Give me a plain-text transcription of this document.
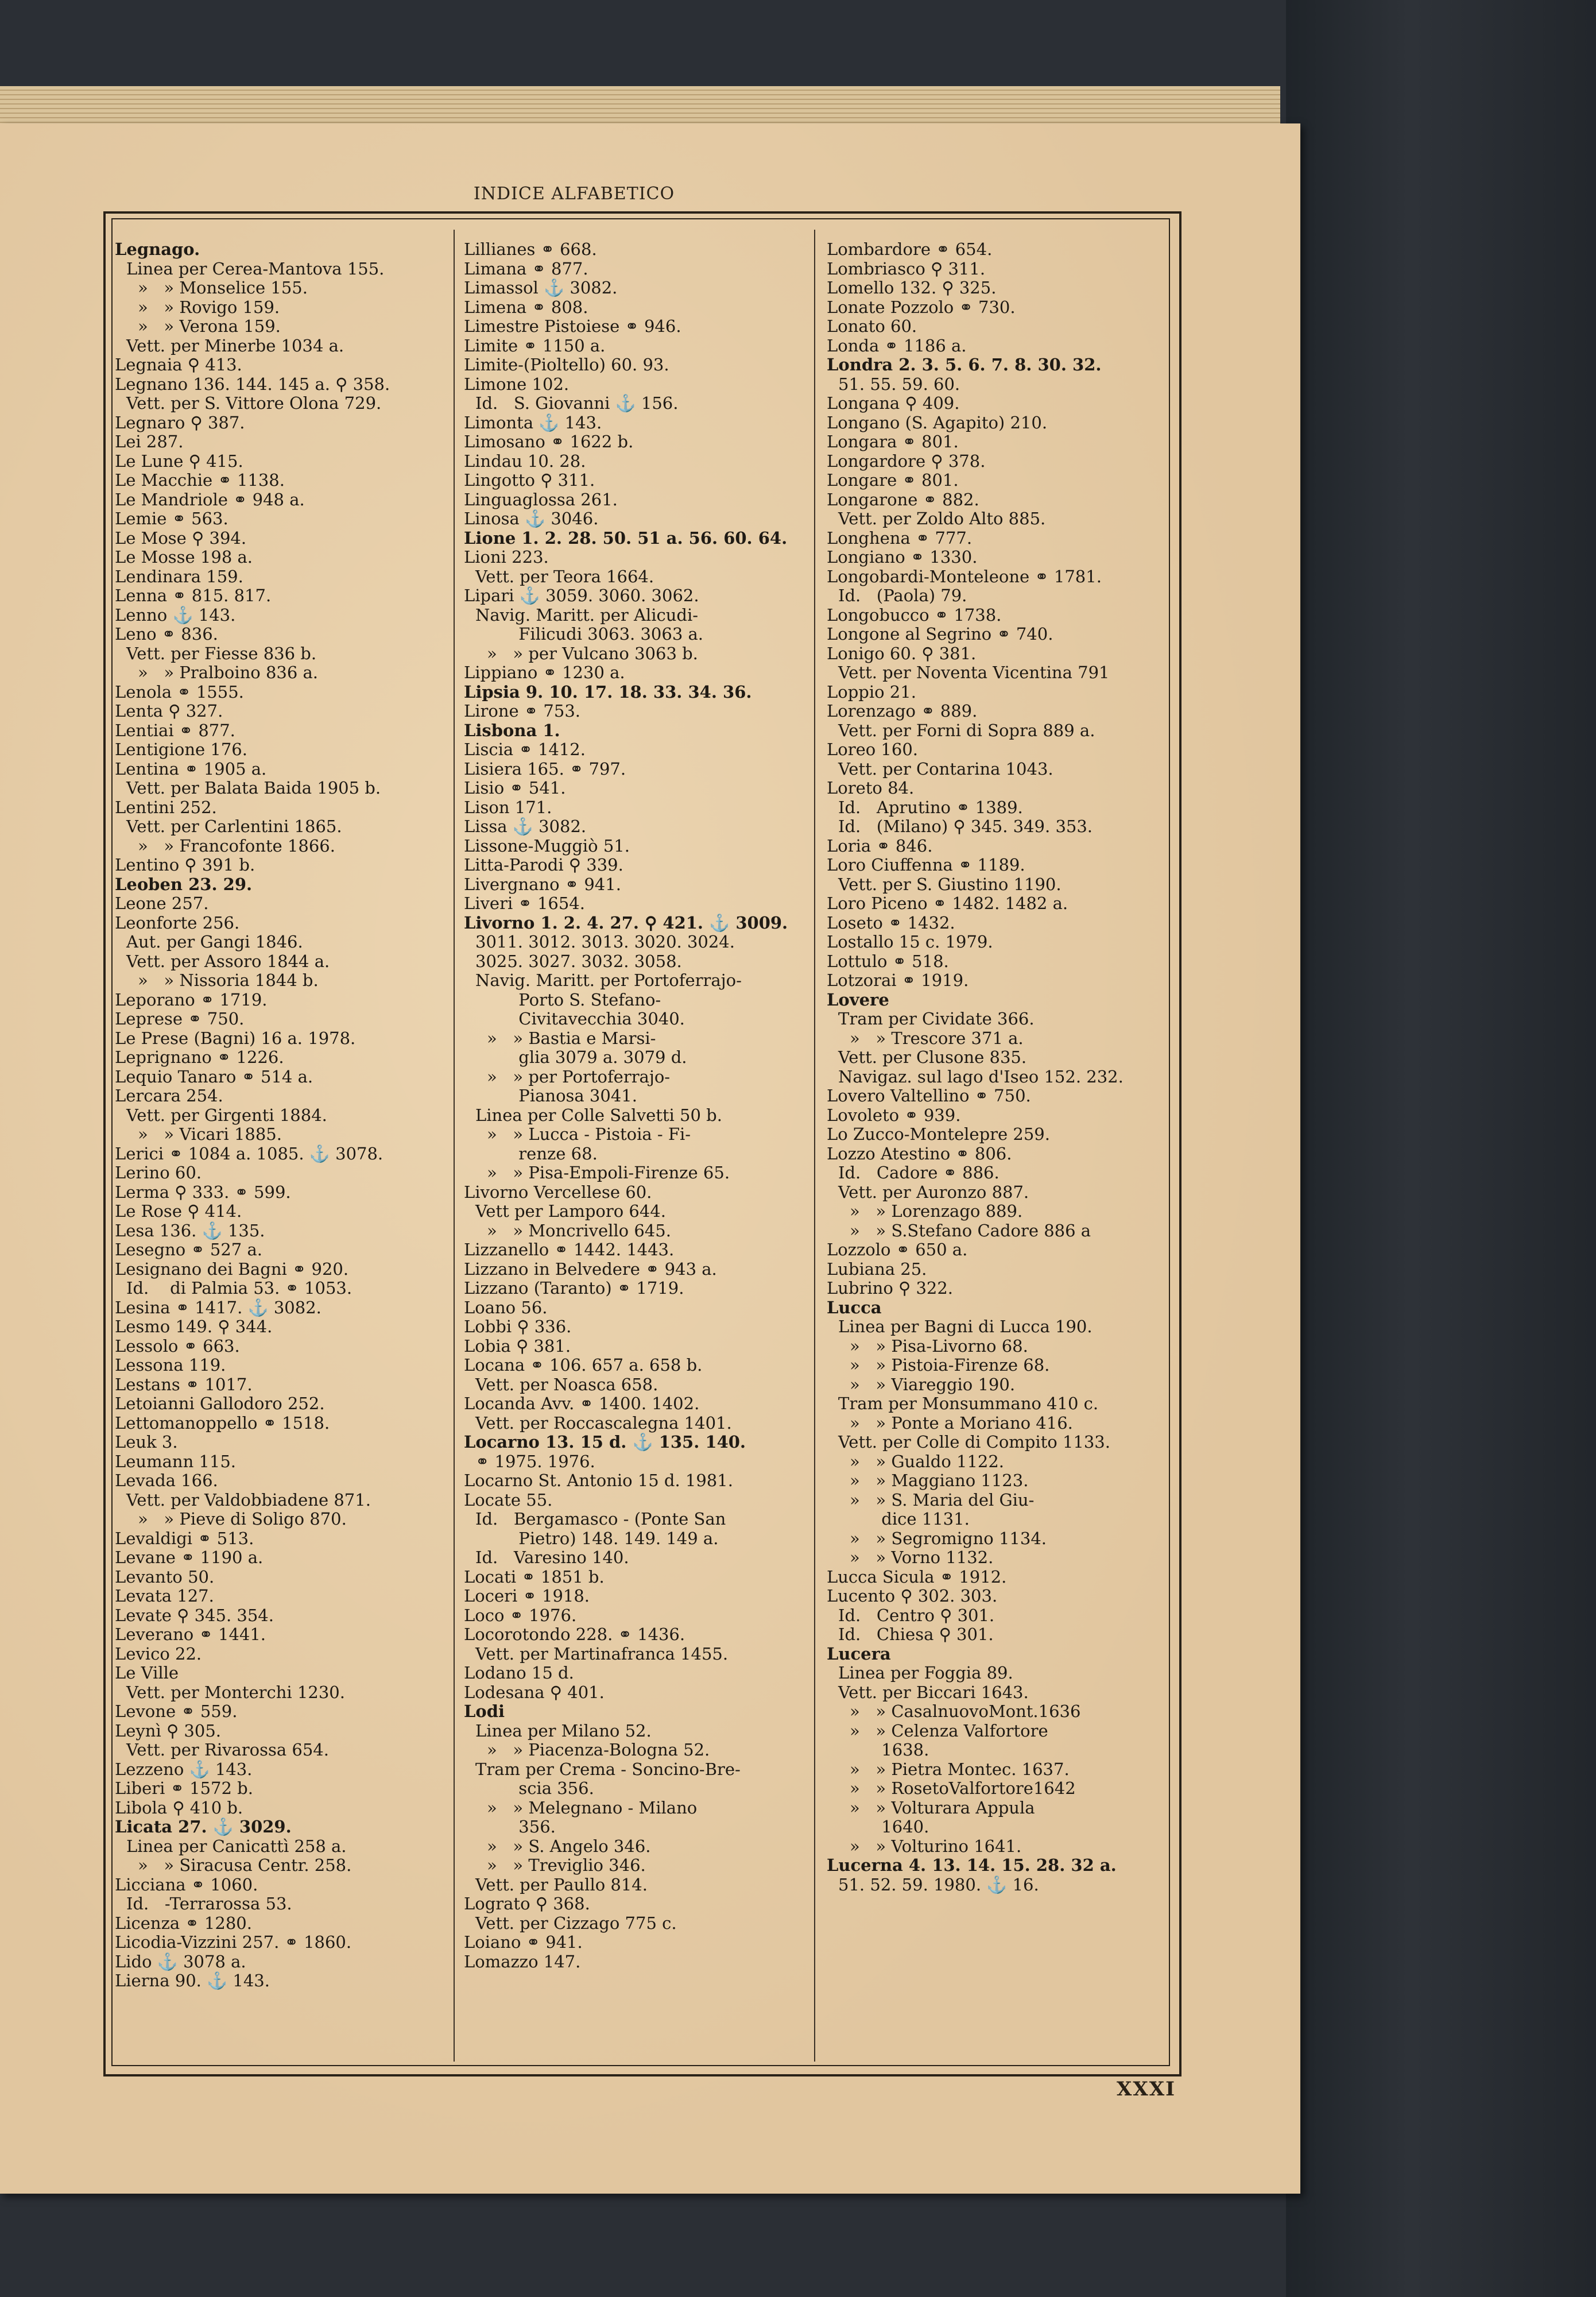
INDICE ALFABETICO
Legnago.
Linea per Cerea-Mantova 155.
»   » Monselice 155.
»   » Rovigo 159.
»   » Verona 159.
Vett. per Minerbe 1034 a.
Legnaia ⚲ 413.
Legnano 136. 144. 145 a. ⚲ 358.
Vett. per S. Vittore Olona 729.
Legnaro ⚲ 387.
Lei 287.
Le Lune ⚲ 415.
Le Macchie ⚭ 1138.
Le Mandriole ⚭ 948 a.
Lemie ⚭ 563.
Le Mose ⚲ 394.
Le Mosse 198 a.
Lendinara 159.
Lenna ⚭ 815. 817.
Lenno ⚓ 143.
Leno ⚭ 836.
Vett. per Fiesse 836 b.
»   » Pralboino 836 a.
Lenola ⚭ 1555.
Lenta ⚲ 327.
Lentiai ⚭ 877.
Lentigione 176.
Lentina ⚭ 1905 a.
Vett. per Balata Baida 1905 b.
Lentini 252.
Vett. per Carlentini 1865.
»   » Francofonte 1866.
Lentino ⚲ 391 b.
Leoben 23. 29.
Leone 257.
Leonforte 256.
Aut. per Gangi 1846.
Vett. per Assoro 1844 a.
»   » Nissoria 1844 b.
Leporano ⚭ 1719.
Leprese ⚭ 750.
Le Prese (Bagni) 16 a. 1978.
Leprignano ⚭ 1226.
Lequio Tanaro ⚭ 514 a.
Lercara 254.
Vett. per Girgenti 1884.
»   » Vicari 1885.
Lerici ⚭ 1084 a. 1085. ⚓ 3078.
Lerino 60.
Lerma ⚲ 333. ⚭ 599.
Le Rose ⚲ 414.
Lesa 136. ⚓ 135.
Lesegno ⚭ 527 a.
Lesignano dei Bagni ⚭ 920.
Id.    di Palmia 53. ⚭ 1053.
Lesina ⚭ 1417. ⚓ 3082.
Lesmo 149. ⚲ 344.
Lessolo ⚭ 663.
Lessona 119.
Lestans ⚭ 1017.
Letoianni Gallodoro 252.
Lettomanoppello ⚭ 1518.
Leuk 3.
Leumann 115.
Levada 166.
Vett. per Valdobbiadene 871.
»   » Pieve di Soligo 870.
Levaldigi ⚭ 513.
Levane ⚭ 1190 a.
Levanto 50.
Levata 127.
Levate ⚲ 345. 354.
Leverano ⚭ 1441.
Levico 22.
Le Ville
Vett. per Monterchi 1230.
Levone ⚭ 559.
Leynì ⚲ 305.
Vett. per Rivarossa 654.
Lezzeno ⚓ 143.
Liberi ⚭ 1572 b.
Libola ⚲ 410 b.
Licata 27. ⚓ 3029.
Linea per Canicattì 258 a.
»   » Siracusa Centr. 258.
Licciana ⚭ 1060.
Id.   -Terrarossa 53.
Licenza ⚭ 1280.
Licodia-Vizzini 257. ⚭ 1860.
Lido ⚓ 3078 a.
Lierna 90. ⚓ 143.
Lillianes ⚭ 668.
Limana ⚭ 877.
Limassol ⚓ 3082.
Limena ⚭ 808.
Limestre Pistoiese ⚭ 946.
Limite ⚭ 1150 a.
Limite-(Pioltello) 60. 93.
Limone 102.
Id.   S. Giovanni ⚓ 156.
Limonta ⚓ 143.
Limosano ⚭ 1622 b.
Lindau 10. 28.
Lingotto ⚲ 311.
Linguaglossa 261.
Linosa ⚓ 3046.
Lione 1. 2. 28. 50. 51 a. 56. 60. 64.
Lioni 223.
Vett. per Teora 1664.
Lipari ⚓ 3059. 3060. 3062.
Navig. Maritt. per Alicudi-
Filicudi 3063. 3063 a.
»   » per Vulcano 3063 b.
Lippiano ⚭ 1230 a.
Lipsia 9. 10. 17. 18. 33. 34. 36.
Lirone ⚭ 753.
Lisbona 1.
Liscia ⚭ 1412.
Lisiera 165. ⚭ 797.
Lisio ⚭ 541.
Lison 171.
Lissa ⚓ 3082.
Lissone-Muggiò 51.
Litta-Parodi ⚲ 339.
Livergnano ⚭ 941.
Liveri ⚭ 1654.
Livorno 1. 2. 4. 27. ⚲ 421. ⚓ 3009.
3011. 3012. 3013. 3020. 3024.
3025. 3027. 3032. 3058.
Navig. Maritt. per Portoferrajo-
Porto S. Stefano-
Civitavecchia 3040.
»   » Bastia e Marsi-
glia 3079 a. 3079 d.
»   » per Portoferrajo-
Pianosa 3041.
Linea per Colle Salvetti 50 b.
»   » Lucca - Pistoia - Fi-
renze 68.
»   » Pisa-Empoli-Firenze 65.
Livorno Vercellese 60.
Vett per Lamporo 644.
»   » Moncrivello 645.
Lizzanello ⚭ 1442. 1443.
Lizzano in Belvedere ⚭ 943 a.
Lizzano (Taranto) ⚭ 1719.
Loano 56.
Lobbi ⚲ 336.
Lobia ⚲ 381.
Locana ⚭ 106. 657 a. 658 b.
Vett. per Noasca 658.
Locanda Avv. ⚭ 1400. 1402.
Vett. per Roccascalegna 1401.
Locarno 13. 15 d. ⚓ 135. 140.
⚭ 1975. 1976.
Locarno St. Antonio 15 d. 1981.
Locate 55.
Id.   Bergamasco - (Ponte San
Pietro) 148. 149. 149 a.
Id.   Varesino 140.
Locati ⚭ 1851 b.
Loceri ⚭ 1918.
Loco ⚭ 1976.
Locorotondo 228. ⚭ 1436.
Vett. per Martinafranca 1455.
Lodano 15 d.
Lodesana ⚲ 401.
Lodi
Linea per Milano 52.
»   » Piacenza-Bologna 52.
Tram per Crema - Soncino-Bre-
scia 356.
»   » Melegnano - Milano
356.
»   » S. Angelo 346.
»   » Treviglio 346.
Vett. per Paullo 814.
Lograto ⚲ 368.
Vett. per Cizzago 775 c.
Loiano ⚭ 941.
Lomazzo 147.
Lombardore ⚭ 654.
Lombriasco ⚲ 311.
Lomello 132. ⚲ 325.
Lonate Pozzolo ⚭ 730.
Lonato 60.
Londa ⚭ 1186 a.
Londra 2. 3. 5. 6. 7. 8. 30. 32.
51. 55. 59. 60.
Longana ⚲ 409.
Longano (S. Agapito) 210.
Longara ⚭ 801.
Longardore ⚲ 378.
Longare ⚭ 801.
Longarone ⚭ 882.
Vett. per Zoldo Alto 885.
Longhena ⚭ 777.
Longiano ⚭ 1330.
Longobardi-Monteleone ⚭ 1781.
Id.   (Paola) 79.
Longobucco ⚭ 1738.
Longone al Segrino ⚭ 740.
Lonigo 60. ⚲ 381.
Vett. per Noventa Vicentina 791
Loppio 21.
Lorenzago ⚭ 889.
Vett. per Forni di Sopra 889 a.
Loreo 160.
Vett. per Contarina 1043.
Loreto 84.
Id.   Aprutino ⚭ 1389.
Id.   (Milano) ⚲ 345. 349. 353.
Loria ⚭ 846.
Loro Ciuffenna ⚭ 1189.
Vett. per S. Giustino 1190.
Loro Piceno ⚭ 1482. 1482 a.
Loseto ⚭ 1432.
Lostallo 15 c. 1979.
Lottulo ⚭ 518.
Lotzorai ⚭ 1919.
Lovere
Tram per Cividate 366.
»   » Trescore 371 a.
Vett. per Clusone 835.
Navigaz. sul lago d'Iseo 152. 232.
Lovero Valtellino ⚭ 750.
Lovoleto ⚭ 939.
Lo Zucco-Montelepre 259.
Lozzo Atestino ⚭ 806.
Id.   Cadore ⚭ 886.
Vett. per Auronzo 887.
»   » Lorenzago 889.
»   » S.Stefano Cadore 886 a
Lozzolo ⚭ 650 a.
Lubiana 25.
Lubrino ⚲ 322.
Lucca
Linea per Bagni di Lucca 190.
»   » Pisa-Livorno 68.
»   » Pistoia-Firenze 68.
»   » Viareggio 190.
Tram per Monsummano 410 c.
»   » Ponte a Moriano 416.
Vett. per Colle di Compito 1133.
»   » Gualdo 1122.
»   » Maggiano 1123.
»   » S. Maria del Giu-
dice 1131.
»   » Segromigno 1134.
»   » Vorno 1132.
Lucca Sicula ⚭ 1912.
Lucento ⚲ 302. 303.
Id.   Centro ⚲ 301.
Id.   Chiesa ⚲ 301.
Lucera
Linea per Foggia 89.
Vett. per Biccari 1643.
»   » CasalnuovoMont.1636
»   » Celenza Valfortore
1638.
»   » Pietra Montec. 1637.
»   » RosetoValfortore1642
»   » Volturara Appula
1640.
»   » Volturino 1641.
Lucerna 4. 13. 14. 15. 28. 32 a.
51. 52. 59. 1980. ⚓ 16.
XXXI
